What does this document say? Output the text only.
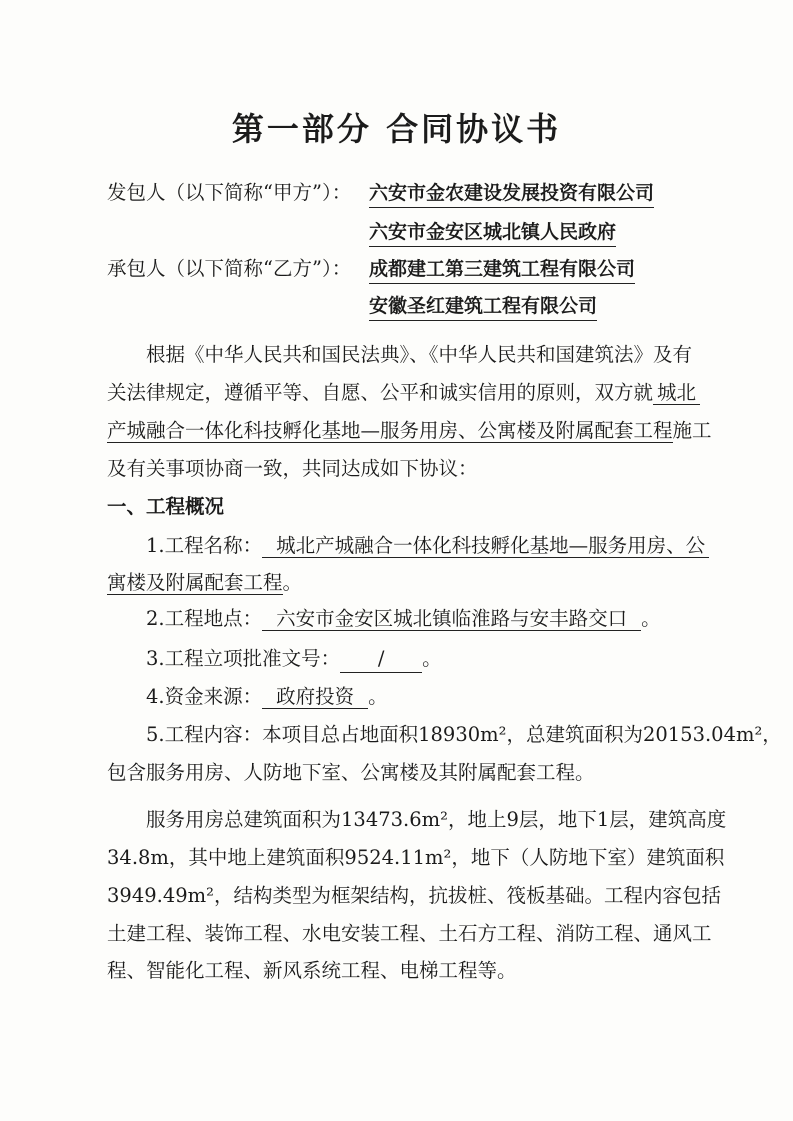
第一部分 合同协议书
发包人（以下简称“甲方”）： 六安市金农建设发展投资有限公司
六安市金安区城北镇人民政府
承包人（以下简称“乙方”）： 成都建工第三建筑工程有限公司
安徽圣红建筑工程有限公司
根据《中华人民共和国民法典》、《中华人民共和国建筑法》及有
关法律规定，遵循平等、自愿、公平和诚实信用的原则，双方就 城北
产城融合一体化科技孵化基地—服务用房、公寓楼及附属配套工程施工
及有关事项协商一致，共同达成如下协议：
一、工程概况
1.工程名称： 城北产城融合一体化科技孵化基地—服务用房、公
寓楼及附属配套工程。
2.工程地点： 六安市金安区城北镇临淮路与安丰路交口 。
3.工程立项批准文号： / 。
4.资金来源： 政府投资 。
5.工程内容：本项目总占地面积18930m²，总建筑面积为20153.04m²，
包含服务用房、人防地下室、公寓楼及其附属配套工程。
服务用房总建筑面积为13473.6m²，地上9层，地下1层，建筑高度
34.8m，其中地上建筑面积9524.11m²，地下（人防地下室）建筑面积
3949.49m²，结构类型为框架结构，抗拔桩、筏板基础。工程内容包括
土建工程、装饰工程、水电安装工程、土石方工程、消防工程、通风工
程、智能化工程、新风系统工程、电梯工程等。
